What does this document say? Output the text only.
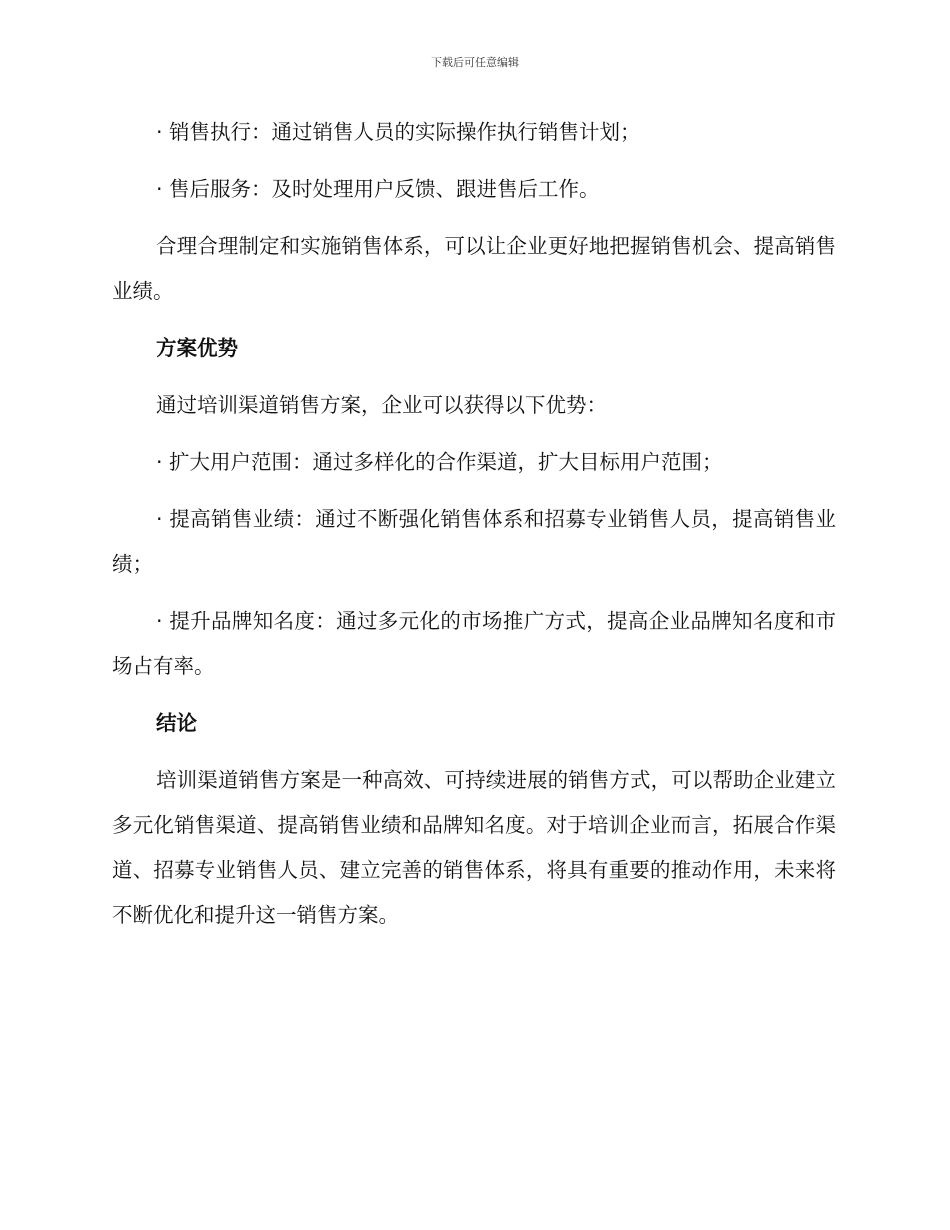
下载后可任意编辑

· 销售执行：通过销售人员的实际操作执行销售计划；

· 售后服务：及时处理用户反馈、跟进售后工作。

合理合理制定和实施销售体系，可以让企业更好地把握销售机会、提高销售业绩。

方案优势

通过培训渠道销售方案，企业可以获得以下优势：

· 扩大用户范围：通过多样化的合作渠道，扩大目标用户范围；

· 提高销售业绩：通过不断强化销售体系和招募专业销售人员，提高销售业绩；

· 提升品牌知名度：通过多元化的市场推广方式，提高企业品牌知名度和市场占有率。

结论

培训渠道销售方案是一种高效、可持续进展的销售方式，可以帮助企业建立多元化销售渠道、提高销售业绩和品牌知名度。对于培训企业而言，拓展合作渠道、招募专业销售人员、建立完善的销售体系，将具有重要的推动作用，未来将不断优化和提升这一销售方案。
